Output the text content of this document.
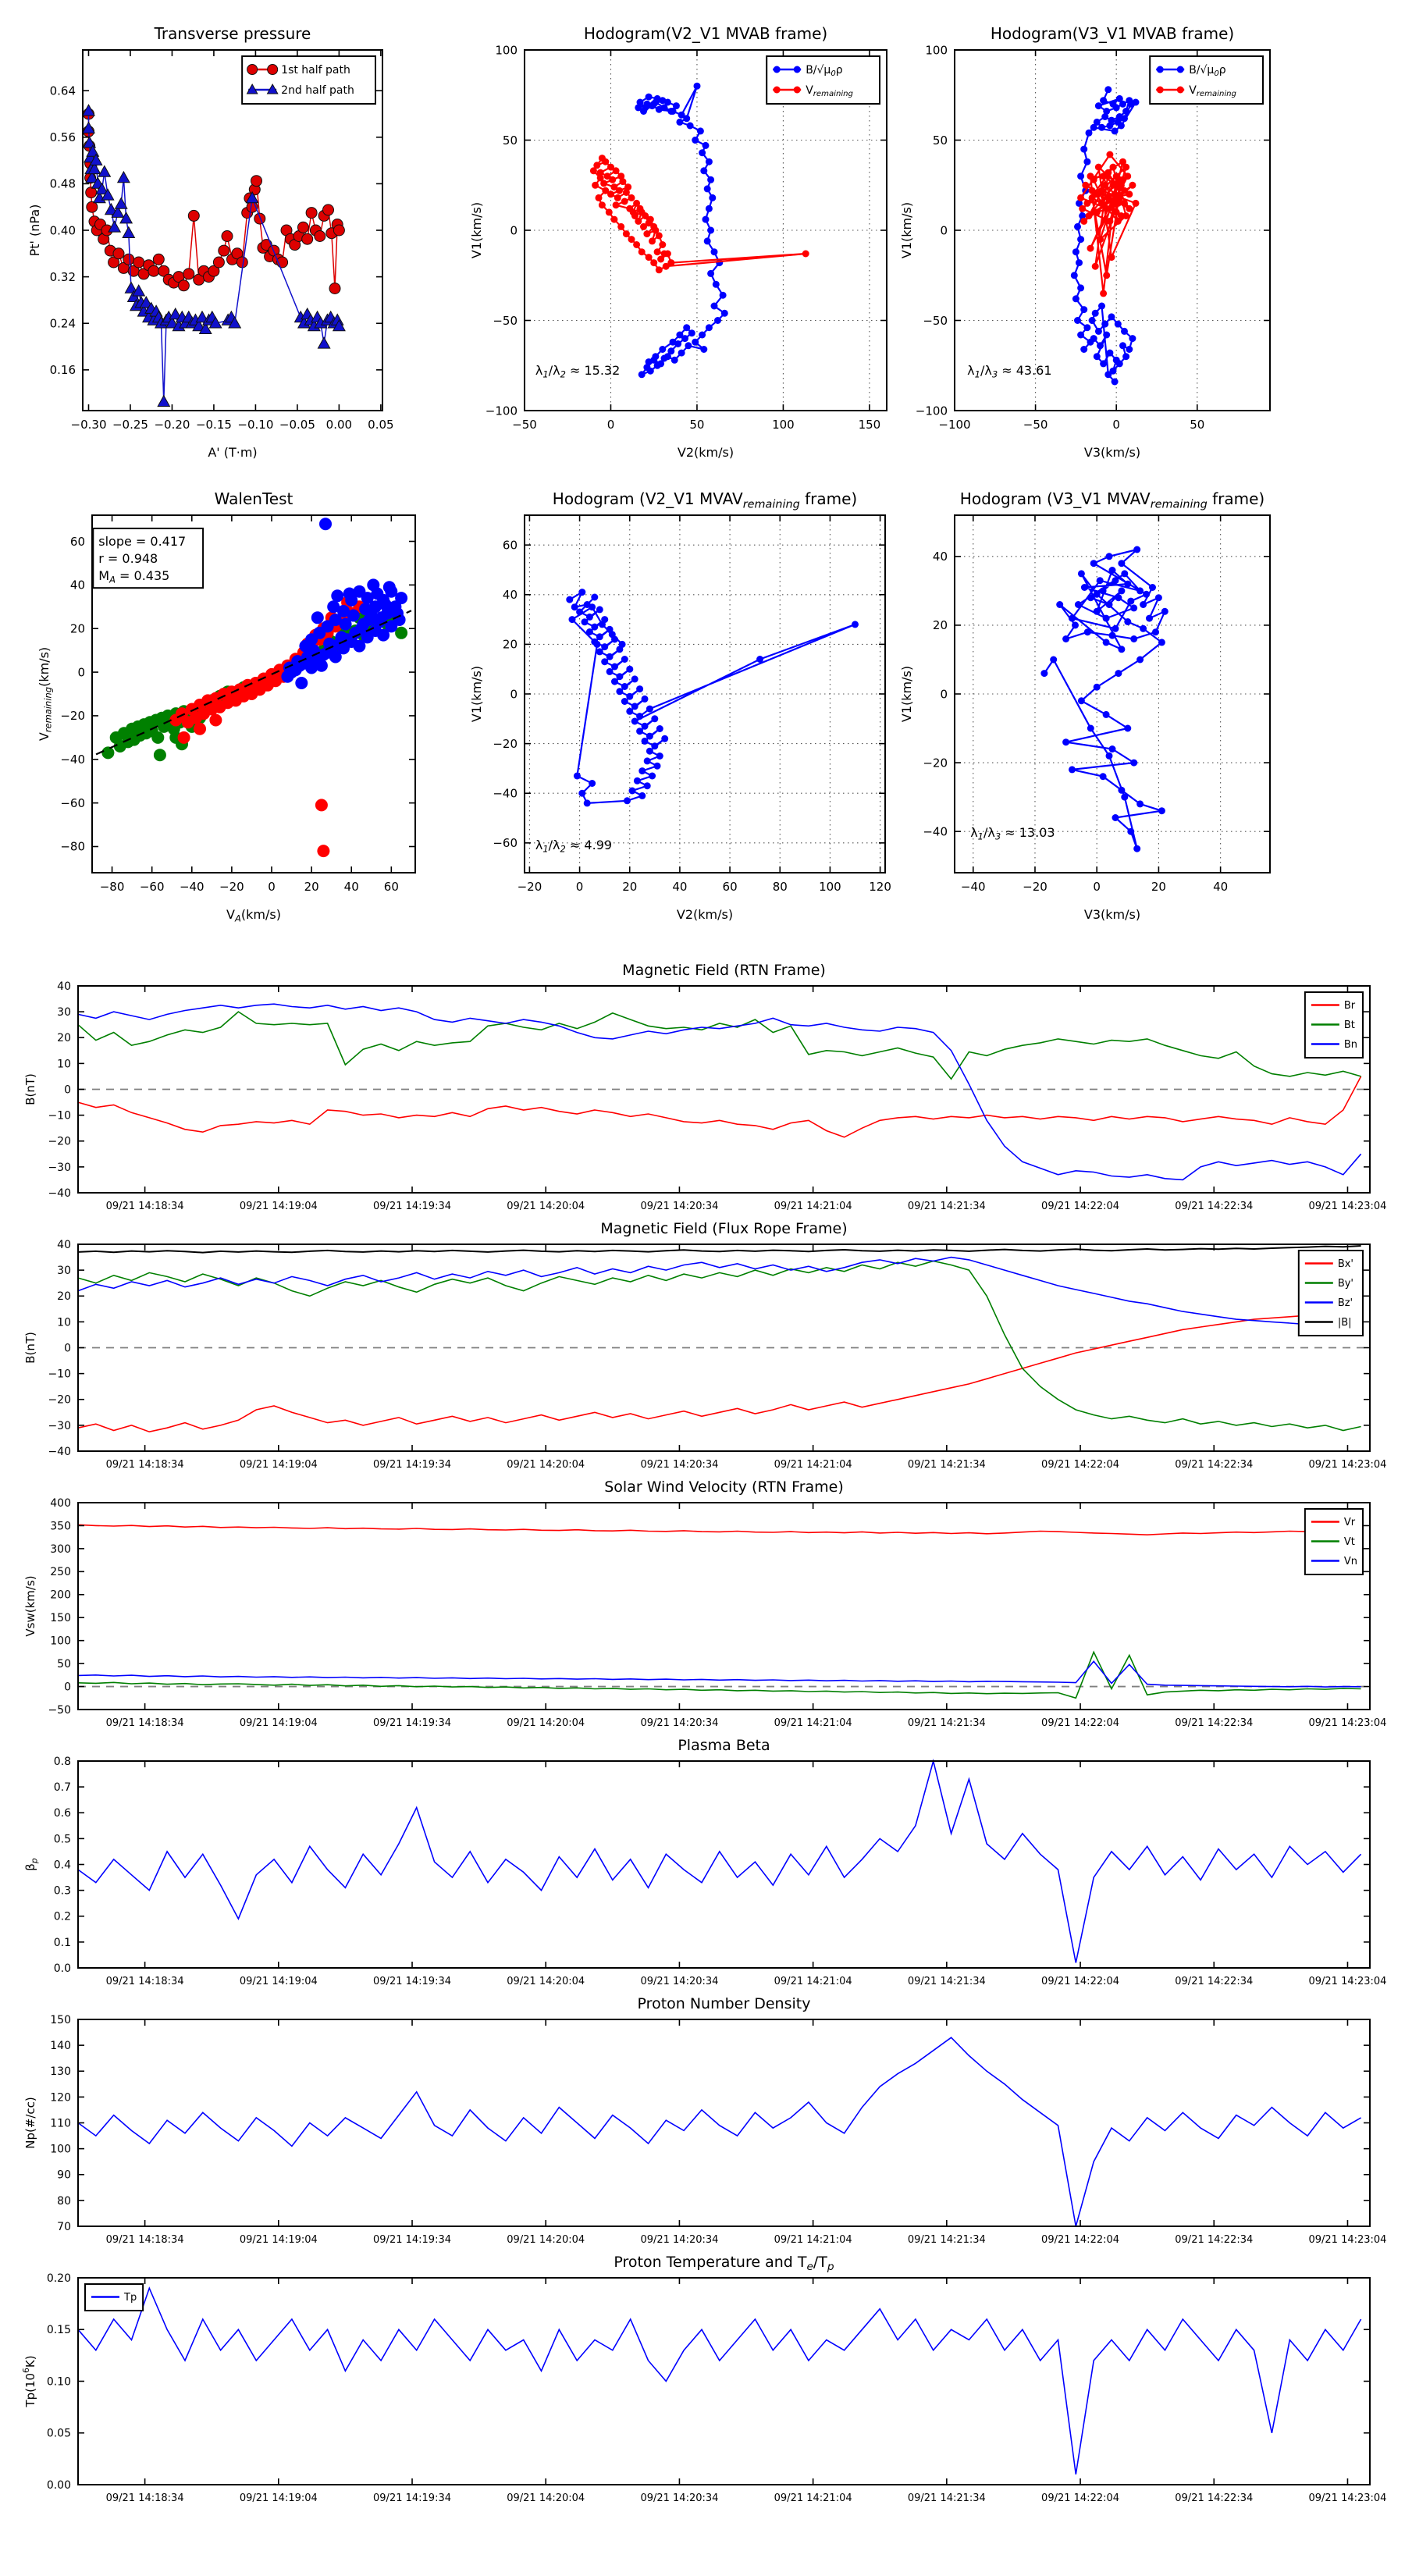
−0.30 −0.25 −0.20 −0.15 −0.10 −0.05 0.00 0.05
0.16
0.24
0.32
0.40
0.48
0.56
0.64
A' (T·m)
Pt' (nPa)
Transverse pressure
1st half path
2nd half path
−50	0	50	100	150
−100
−50
0
50
100
V2(km/s)
V1(km/s)
Hodogram(V2_V1 MVAB frame)
$B/√\mu_0\rho$
$V_{remaining}$
$\lambda_1/\lambda_2 \approx 15.32$
−100	−50	0	50
−100
−50
0
50
100
V3(km/s)
V1(km/s)
Hodogram(V3_V1 MVAB frame)
$B/√\mu_0\rho$
$V_{remaining}$
$\lambda_1/\lambda_3 \approx 43.61$
−80 −60 −40 −20 0 20 40 60
−80
−60
−40
−20
0
20
40
60
$V_A(km/s)$
$V_{remaining}(km/s)$
WalenTest
slope = 0.417
r = 0.948
$M_A = 0.435$
−20	0	20	40	60	80	100 120
−60
−40
−20
0
20
40
60
V2(km/s)
V1(km/s)
Hodogram (V2_V1 $MVAV_{remaining}$ frame)
$\lambda_1/\lambda_2 \approx 4.99$
−40	−20	0	20	40
−40
−20
0
20
40
V3(km/s)
V1(km/s)
Hodogram (V3_V1 $MVAV_{remaining}$ frame)
$\lambda_1/\lambda_3 \approx 13.03$
09/21 14:18:34	09/21 14:19:04	09/21 14:19:34	09/21 14:20:04	09/21 14:20:34	09/21 14:21:04	09/21 14:21:34	09/21 14:22:04	09/21 14:22:34	09/21 14:23:04
−40
−30
−20
−10
0
10
20
30
40
B(nT)
Magnetic Field (RTN Frame)
Br
Bt
Bn
09/21 14:18:34	09/21 14:19:04	09/21 14:19:34	09/21 14:20:04	09/21 14:20:34	09/21 14:21:04	09/21 14:21:34	09/21 14:22:04	09/21 14:22:34	09/21 14:23:04
−40
−30
−20
−10
0
10
20
30
40
B(nT)
Magnetic Field (Flux Rope Frame)
Bx'
By'
Bz'
|B|
09/21 14:18:34	09/21 14:19:04	09/21 14:19:34	09/21 14:20:04	09/21 14:20:34	09/21 14:21:04	09/21 14:21:34	09/21 14:22:04	09/21 14:22:34	09/21 14:23:04
−50
0
50
100
150
200
250
300
350
400
Vsw(km/s)
Solar Wind Velocity (RTN Frame)
Vr
Vt
Vn
09/21 14:18:34	09/21 14:19:04	09/21 14:19:34	09/21 14:20:04	09/21 14:20:34	09/21 14:21:04	09/21 14:21:34	09/21 14:22:04	09/21 14:22:34	09/21 14:23:04
0.0
0.1
0.2
0.3
0.4
0.5
0.6
0.7
0.8
$\beta_p$
Plasma Beta
09/21 14:18:34	09/21 14:19:04	09/21 14:19:34	09/21 14:20:04	09/21 14:20:34	09/21 14:21:04	09/21 14:21:34	09/21 14:22:04	09/21 14:22:34	09/21 14:23:04
70
80
90
100
110
120
130
140
150
Np(#/cc)
Proton Number Density
09/21 14:18:34	09/21 14:19:04	09/21 14:19:34	09/21 14:20:04	09/21 14:20:34	09/21 14:21:04	09/21 14:21:34	09/21 14:22:04	09/21 14:22:34	09/21 14:23:04
0.00
0.05
0.10
0.15
0.20
$Tp(10^6K)$
Proton Temperature and $T_e/T_p$
Tp
